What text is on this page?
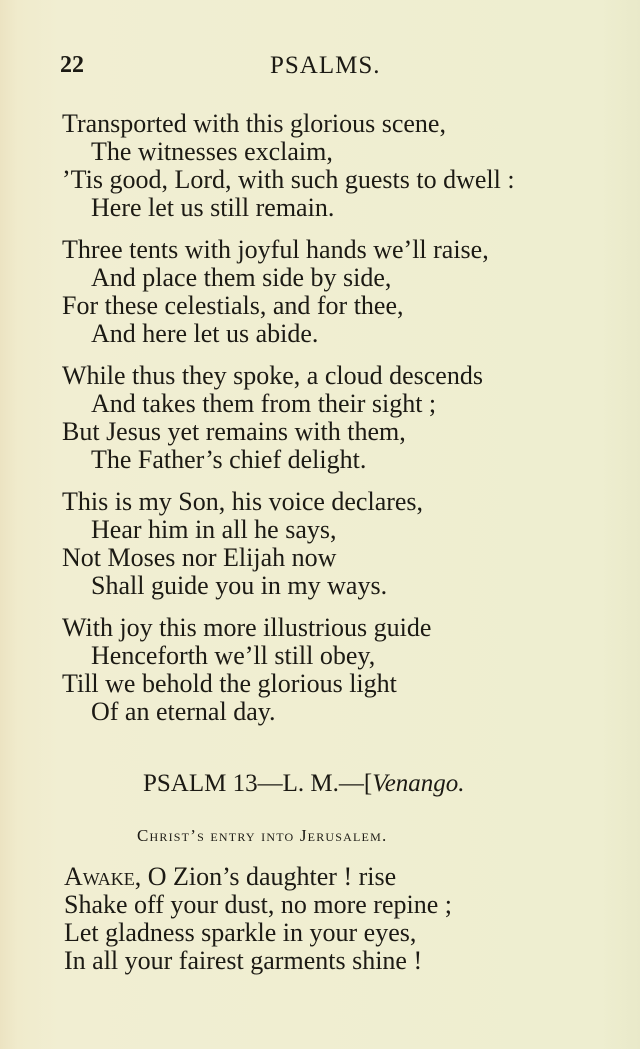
22	PSALMS.
Transported with this glorious scene,
The witnesses exclaim,
’Tis good, Lord, with such guests to dwell :
Here let us still remain.
Three tents with joyful hands we’ll raise,
And place them side by side,
For these celestials, and for thee,
And here let us abide.
While thus they spoke, a cloud descends
And takes them from their sight ;
But Jesus yet remains with them,
The Father’s chief delight.
This is my Son, his voice declares,
Hear him in all he says,
Not Moses nor Elijah now
Shall guide you in my ways.
With joy this more illustrious guide
Henceforth we’ll still obey,
Till we behold the glorious light
Of an eternal day.
PSALM 13—L. M.—[Venango.
Christ’s entry into Jerusalem.
Awake, O Zion’s daughter ! rise
Shake off your dust, no more repine ;
Let gladness sparkle in your eyes,
In all your fairest garments shine !
